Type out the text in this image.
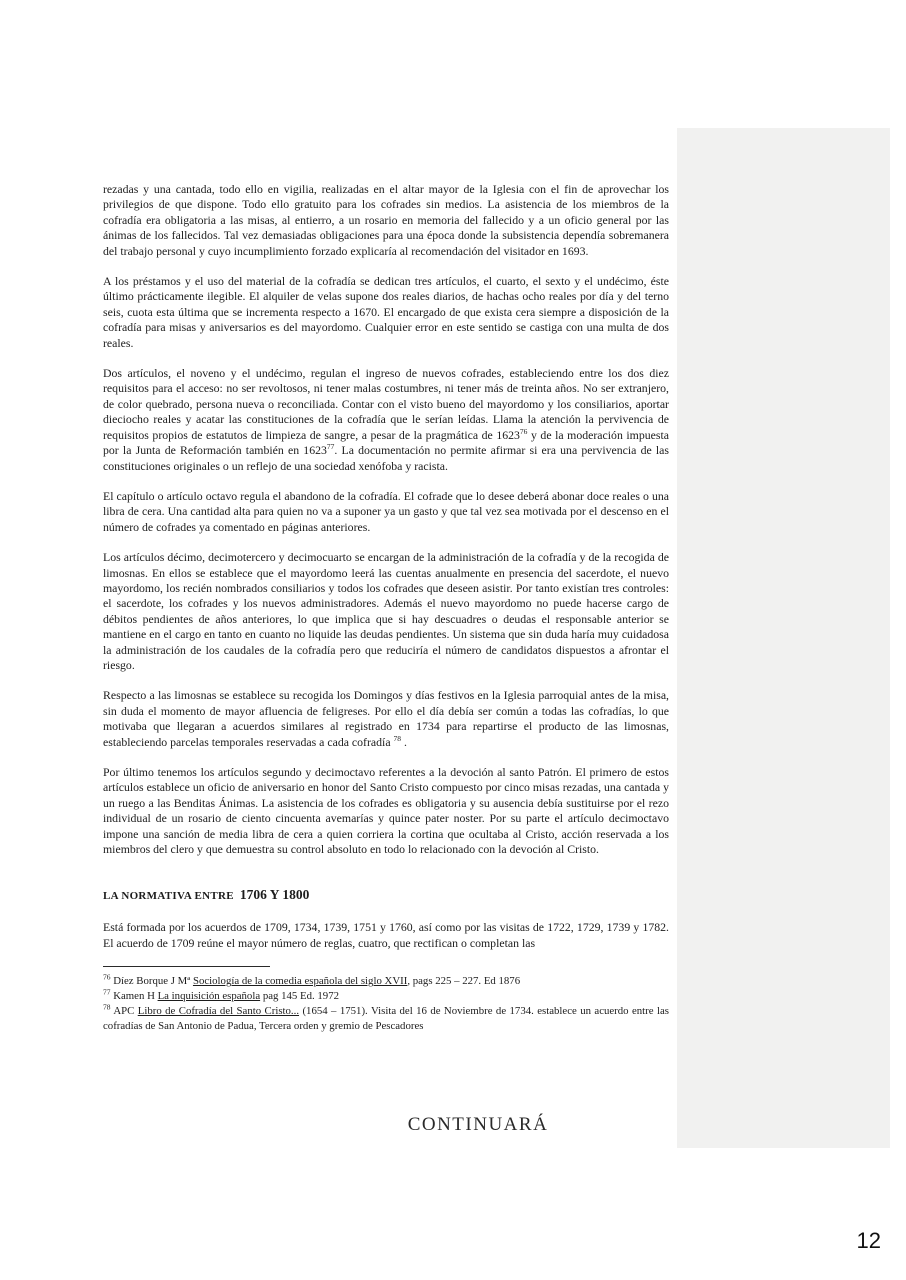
rezadas y una cantada, todo ello en vigilia, realizadas en el altar mayor de la Iglesia con el fin de aprovechar los privilegios de que dispone. Todo ello gratuito para los cofrades sin medios. La asistencia de los miembros de la cofradía era obligatoria a las misas, al entierro, a un rosario en memoria del fallecido y a un oficio general por las ánimas de los fallecidos. Tal vez demasiadas obligaciones para una época donde la subsistencia dependía sobremanera del trabajo personal y cuyo incumplimiento forzado explicaría al recomendación del visitador en 1693.

A los préstamos y el uso del material de la cofradía se dedican tres artículos, el cuarto, el sexto y el undécimo, éste último prácticamente ilegible. El alquiler de velas supone dos reales diarios, de hachas ocho reales por día y del terno seis, cuota esta última que se incrementa respecto a 1670. El encargado de que exista cera siempre a disposición de la cofradía para misas y aniversarios es del mayordomo. Cualquier error en este sentido se castiga con una multa de dos reales.

Dos artículos, el noveno y el undécimo, regulan el ingreso de nuevos cofrades, estableciendo entre los dos diez requisitos para el acceso: no ser revoltosos, ni tener malas costumbres, ni tener más de treinta años. No ser extranjero, de color quebrado, persona nueva o reconciliada. Contar con el visto bueno del mayordomo y los consiliarios, aportar dieciocho reales y acatar las constituciones de la cofradía que le serían leídas. Llama la atención la pervivencia de requisitos propios de estatutos de limpieza de sangre, a pesar de la pragmática de 1623$^{76}$ y de la moderación impuesta por la Junta de Reformación también en 1623$^{77}$. La documentación no permite afirmar si era una pervivencia de las constituciones originales o un reflejo de una sociedad xenófoba y racista.

El capítulo o artículo octavo regula el abandono de la cofradía. El cofrade que lo desee deberá abonar doce reales o una libra de cera. Una cantidad alta para quien no va a suponer ya un gasto y que tal vez sea motivada por el descenso en el número de cofrades ya comentado en páginas anteriores.

Los artículos décimo, decimotercero y decimocuarto se encargan de la administración de la cofradía y de la recogida de limosnas. En ellos se establece que el mayordomo leerá las cuentas anualmente en presencia del sacerdote, el nuevo mayordomo, los recién nombrados consiliarios y todos los cofrades que deseen asistir. Por tanto existían tres controles: el sacerdote, los cofrades y los nuevos administradores. Además el nuevo mayordomo no puede hacerse cargo de débitos pendientes de años anteriores, lo que implica que si hay descuadres o deudas el responsable anterior se mantiene en el cargo en tanto en cuanto no liquide las deudas pendientes. Un sistema que sin duda haría muy cuidadosa la administración de los caudales de la cofradía pero que reduciría el número de candidatos dispuestos a afrontar el riesgo.

Respecto a las limosnas se establece su recogida los Domingos y días festivos en la Iglesia parroquial antes de la misa, sin duda el momento de mayor afluencia de feligreses. Por ello el día debía ser común a todas las cofradías, lo que motivaba que llegaran a acuerdos similares al registrado en 1734 para repartirse el producto de las limosnas, estableciendo parcelas temporales reservadas a cada cofradía $^{78}$ .

Por último tenemos los artículos segundo y decimoctavo referentes a la devoción al santo Patrón. El primero de estos artículos establece un oficio de aniversario en honor del Santo Cristo compuesto por cinco misas rezadas, una cantada y un ruego a las Benditas Ánimas. La asistencia de los cofrades es obligatoria y su ausencia debía sustituirse por el rezo individual de un rosario de ciento cincuenta avemarías y quince pater noster. Por su parte el artículo decimoctavo impone una sanción de media libra de cera a quien corriera la cortina que ocultaba al Cristo, acción reservada a los miembros del clero y que demuestra su control absoluto en todo lo relacionado con la devoción al Cristo.

LA NORMATIVA ENTRE 1706 Y 1800

Está formada por los acuerdos de 1709, 1734, 1739, 1751 y 1760, así como por las visitas de 1722, 1729, 1739 y 1782. El acuerdo de 1709 reúne el mayor número de reglas, cuatro, que rectifican o completan las

$^{76}$ Díez Borque J Mª Sociología de la comedia española del siglo XVII, pags 225 – 227. Ed 1876

$^{77}$ Kamen H La inquisición española pag 145 Ed. 1972

$^{78}$ APC Libro de Cofradía del Santo Cristo... (1654 – 1751). Visita del 16 de Noviembre de 1734. establece un acuerdo entre las cofradías de San Antonio de Padua, Tercera orden y gremio de Pescadores

CONTINUARÁ
12
